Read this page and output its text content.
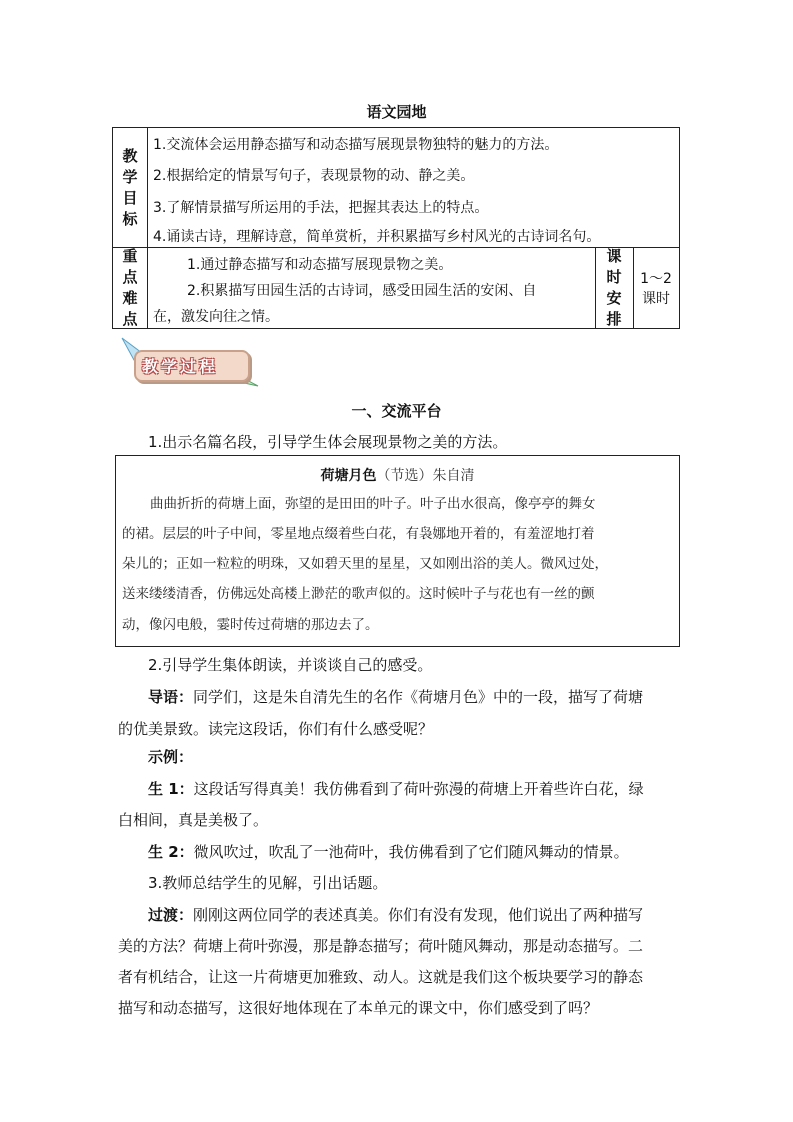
语文园地
教
学
目
标
1.交流体会运用静态描写和动态描写展现景物独特的魅力的方法。
2.根据给定的情景写句子，表现景物的动、静之美。
3.了解情景描写所运用的手法，把握其表达上的特点。
4.诵读古诗，理解诗意，简单赏析，并积累描写乡村风光的古诗词名句。
重
点
难
点
1.通过静态描写和动态描写展现景物之美。
2.积累描写田园生活的古诗词，感受田园生活的安闲、自
在，激发向往之情。
课
时
安
排
1～2
课时
教学过程
一、交流平台
1.出示名篇名段，引导学生体会展现景物之美的方法。
荷塘月色（节选）朱自清
曲曲折折的荷塘上面，弥望的是田田的叶子。叶子出水很高，像亭亭的舞女
的裙。层层的叶子中间，零星地点缀着些白花，有袅娜地开着的，有羞涩地打着
朵儿的；正如一粒粒的明珠，又如碧天里的星星，又如刚出浴的美人。微风过处，
送来缕缕清香，仿佛远处高楼上渺茫的歌声似的。这时候叶子与花也有一丝的颤
动，像闪电般，霎时传过荷塘的那边去了。
2.引导学生集体朗读，并谈谈自己的感受。
导语：同学们，这是朱自清先生的名作《荷塘月色》中的一段，描写了荷塘
的优美景致。读完这段话，你们有什么感受呢？
示例：
生 1：这段话写得真美！我仿佛看到了荷叶弥漫的荷塘上开着些许白花，绿
白相间，真是美极了。
生 2：微风吹过，吹乱了一池荷叶，我仿佛看到了它们随风舞动的情景。
3.教师总结学生的见解，引出话题。
过渡：刚刚这两位同学的表述真美。你们有没有发现，他们说出了两种描写
美的方法？荷塘上荷叶弥漫，那是静态描写；荷叶随风舞动，那是动态描写。二
者有机结合，让这一片荷塘更加雅致、动人。这就是我们这个板块要学习的静态
描写和动态描写，这很好地体现在了本单元的课文中，你们感受到了吗？
